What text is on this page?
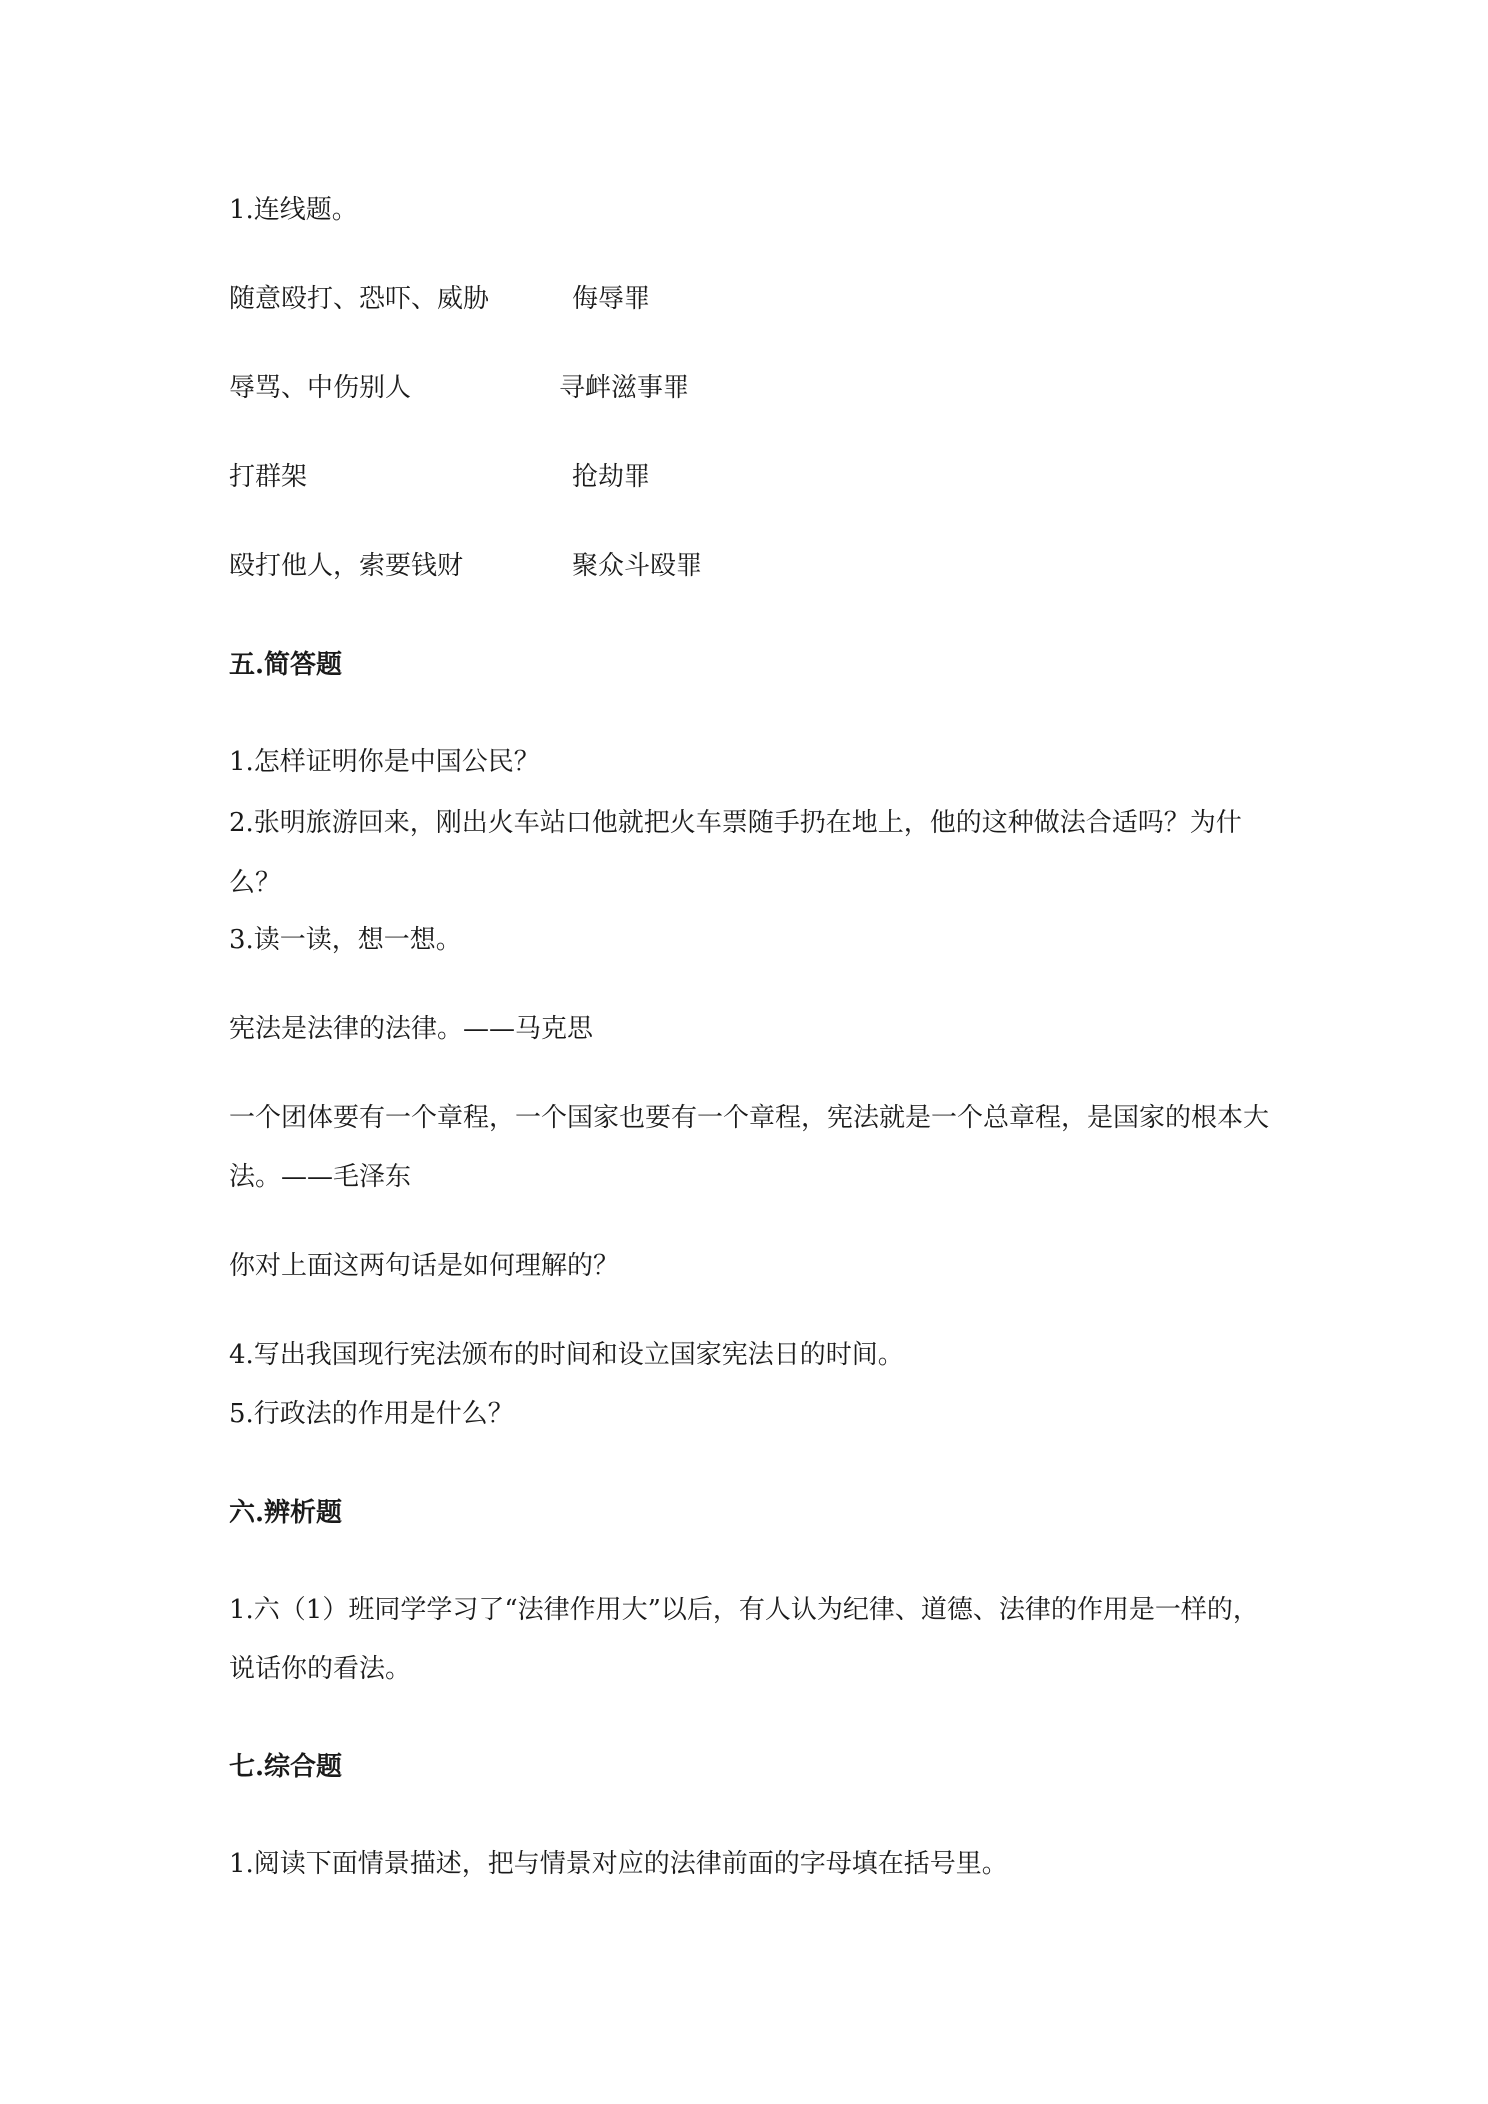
1.连线题。
随意殴打、恐吓、威胁	侮辱罪
辱骂、中伤别人	寻衅滋事罪
打群架	抢劫罪
殴打他人，索要钱财	聚众斗殴罪
五.简答题
1.怎样证明你是中国公民？
2.张明旅游回来，刚出火车站口他就把火车票随手扔在地上，他的这种做法合适吗？为什
么？
3.读一读，想一想。
宪法是法律的法律。——马克思
一个团体要有一个章程，一个国家也要有一个章程，宪法就是一个总章程，是国家的根本大
法。——毛泽东
你对上面这两句话是如何理解的？
4.写出我国现行宪法颁布的时间和设立国家宪法日的时间。
5.行政法的作用是什么？
六.辨析题
1.六（1）班同学学习了“法律作用大”以后，有人认为纪律、道德、法律的作用是一样的，
说话你的看法。
七.综合题
1.阅读下面情景描述，把与情景对应的法律前面的字母填在括号里。
